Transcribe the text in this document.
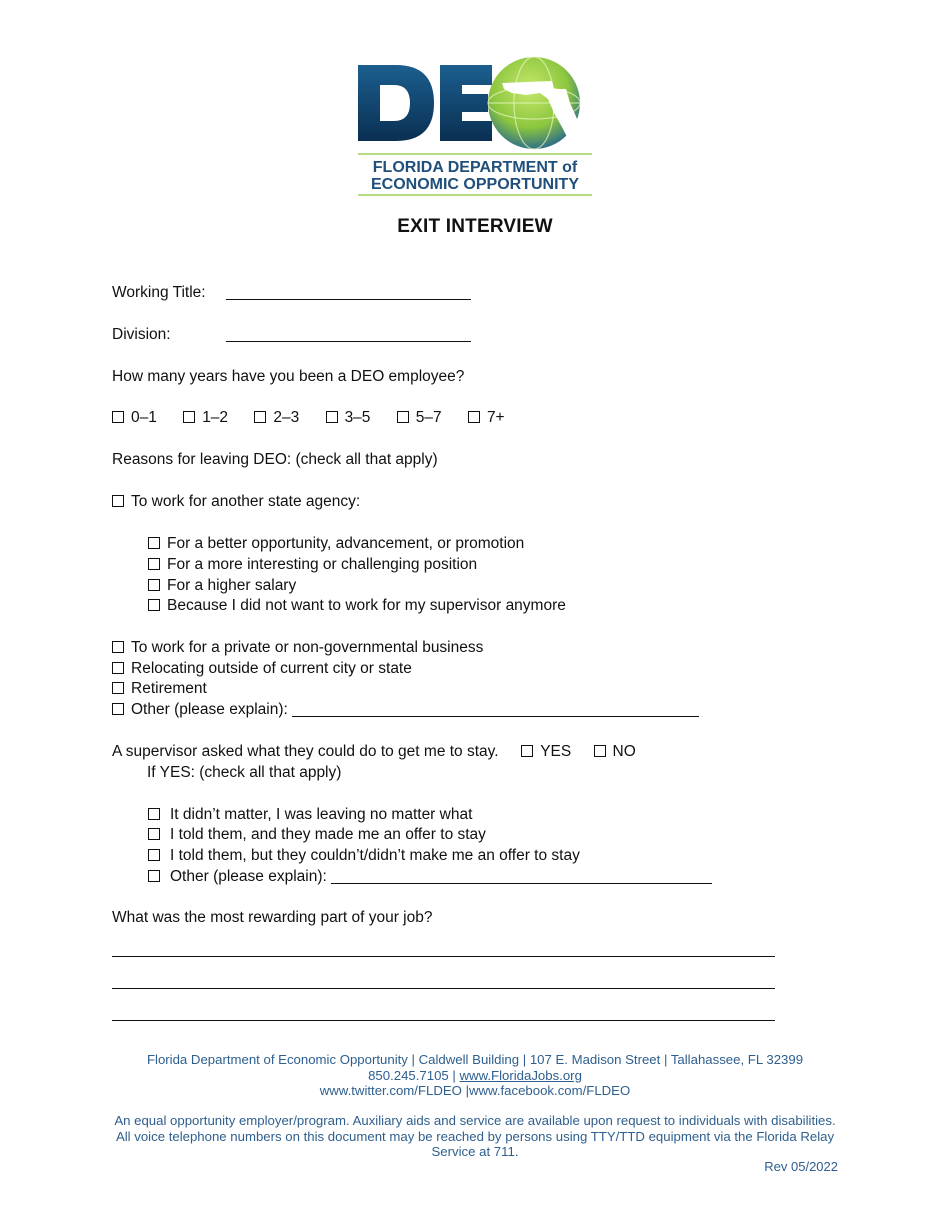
FLORIDA DEPARTMENT of
ECONOMIC OPPORTUNITY
EXIT INTERVIEW
Working Title:
Division:
How many years have you been a DEO employee?
0–1	1–2	2–3	3–5	5–7	7+
Reasons for leaving DEO: (check all that apply)
To work for another state agency:
For a better opportunity, advancement, or promotion
For a more interesting or challenging position
For a higher salary
Because I did not want to work for my supervisor anymore
To work for a private or non-governmental business
Relocating outside of current city or state
Retirement
Other (please explain):
A supervisor asked what they could do to get me to stay.	YES	NO
If YES: (check all that apply)
It didn’t matter, I was leaving no matter what
I told them, and they made me an offer to stay
I told them, but they couldn’t/didn’t make me an offer to stay
Other (please explain):
What was the most rewarding part of your job?
Florida Department of Economic Opportunity | Caldwell Building | 107 E. Madison Street | Tallahassee, FL 32399
850.245.7105 | www.FloridaJobs.org
www.twitter.com/FLDEO |www.facebook.com/FLDEO
An equal opportunity employer/program. Auxiliary aids and service are available upon request to individuals with disabilities.
All voice telephone numbers on this document may be reached by persons using TTY/TTD equipment via the Florida Relay
Service at 711.
Rev 05/2022
